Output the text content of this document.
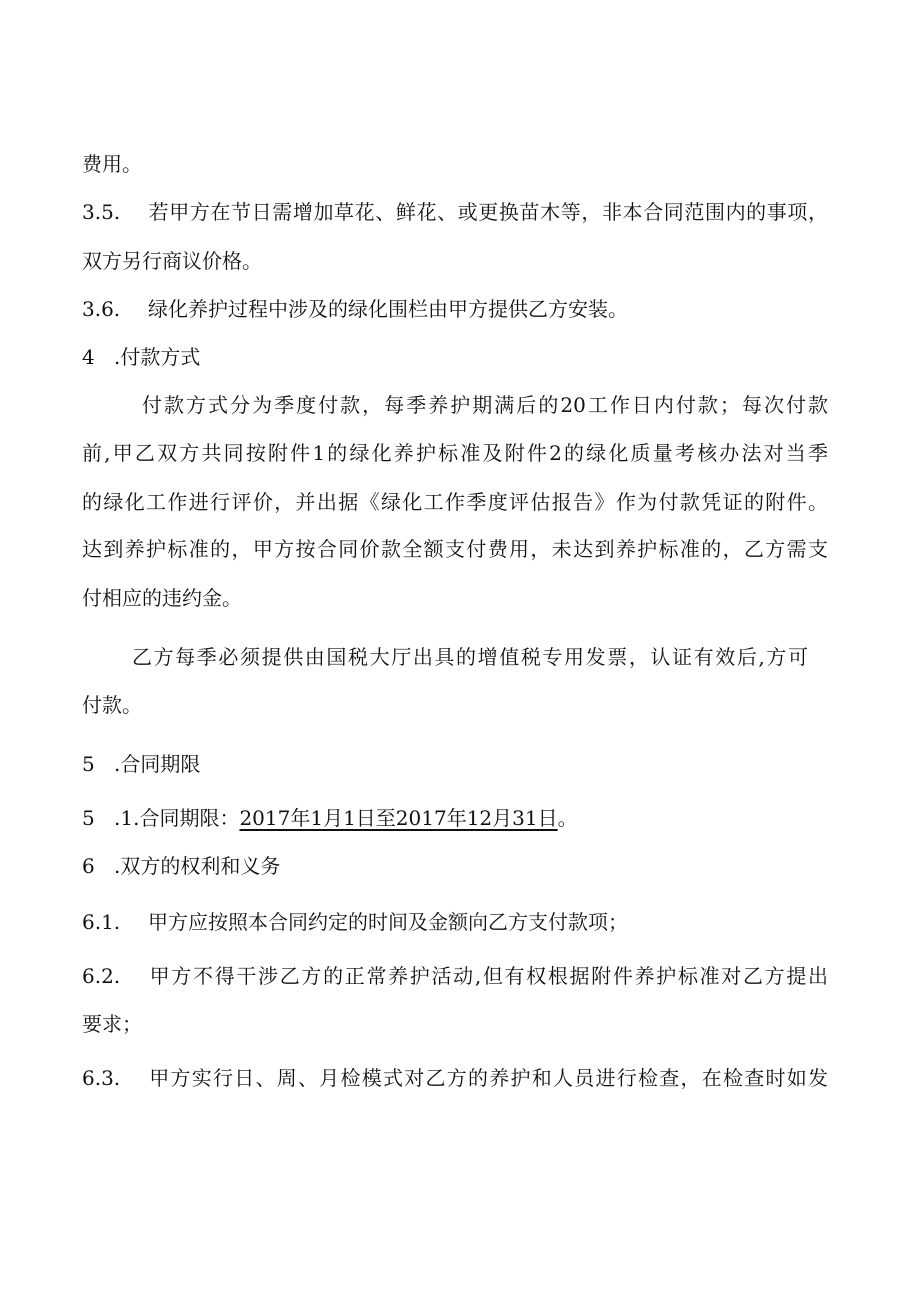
费用。
3.5. 若甲方在节日需增加草花、鲜花、或更换苗木等，非本合同范围内的事项，
双方另行商议价格。
3.6. 绿化养护过程中涉及的绿化围栏由甲方提供乙方安装。
4 .付款方式
付款方式分为季度付款，每季养护期满后的20工作日内付款；每次付款
前,甲乙双方共同按附件1的绿化养护标准及附件2的绿化质量考核办法对当季
的绿化工作进行评价，并出据《绿化工作季度评估报告》作为付款凭证的附件。
达到养护标准的，甲方按合同价款全额支付费用，未达到养护标准的，乙方需支
付相应的违约金。
乙方每季必须提供由国税大厅出具的增值税专用发票，认证有效后,方可
付款。
5 .合同期限
5 .1.合同期限：2017年1月1日至2017年12月31日。
6 .双方的权利和义务
6.1. 甲方应按照本合同约定的时间及金额向乙方支付款项；
6.2. 甲方不得干涉乙方的正常养护活动,但有权根据附件养护标准对乙方提出
要求；
6.3. 甲方实行日、周、月检模式对乙方的养护和人员进行检查，在检查时如发
